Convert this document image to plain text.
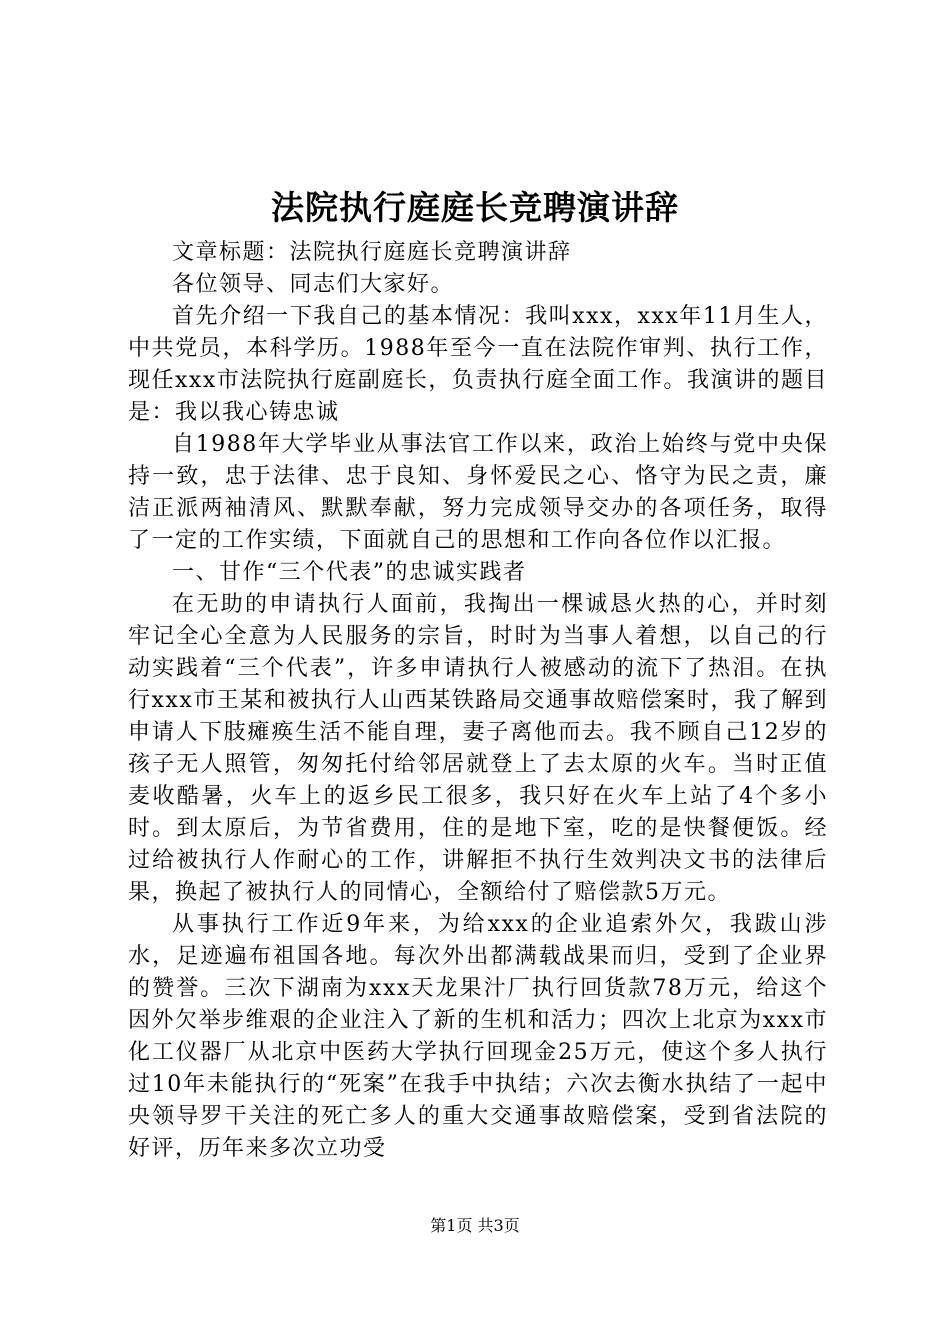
法院执行庭庭长竞聘演讲辞

文章标题：法院执行庭庭长竞聘演讲辞

各位领导、同志们大家好。

首先介绍一下我自己的基本情况：我叫xxx，xxx年11月生人，中共党员，本科学历。1988年至今一直在法院作审判、执行工作，现任xxx市法院执行庭副庭长，负责执行庭全面工作。我演讲的题目是：我以我心铸忠诚

自1988年大学毕业从事法官工作以来，政治上始终与党中央保持一致，忠于法律、忠于良知、身怀爱民之心、恪守为民之责，廉洁正派两袖清风、默默奉献，努力完成领导交办的各项任务，取得了一定的工作实绩，下面就自己的思想和工作向各位作以汇报。

一、甘作“三个代表”的忠诚实践者

在无助的申请执行人面前，我掏出一棵诚恳火热的心，并时刻牢记全心全意为人民服务的宗旨，时时为当事人着想，以自己的行动实践着“三个代表”，许多申请执行人被感动的流下了热泪。在执行xxx市王某和被执行人山西某铁路局交通事故赔偿案时，我了解到申请人下肢瘫痪生活不能自理，妻子离他而去。我不顾自己12岁的孩子无人照管，匆匆托付给邻居就登上了去太原的火车。当时正值麦收酷暑，火车上的返乡民工很多，我只好在火车上站了4个多小时。到太原后，为节省费用，住的是地下室，吃的是快餐便饭。经过给被执行人作耐心的工作，讲解拒不执行生效判决文书的法律后果，换起了被执行人的同情心，全额给付了赔偿款5万元。

从事执行工作近9年来，为给xxx的企业追索外欠，我跋山涉水，足迹遍布祖国各地。每次外出都满载战果而归，受到了企业界的赞誉。三次下湖南为xxx天龙果汁厂执行回货款78万元，给这个因外欠举步维艰的企业注入了新的生机和活力；四次上北京为xxx市化工仪器厂从北京中医药大学执行回现金25万元，使这个多人执行过10年未能执行的“死案”在我手中执结；六次去衡水执结了一起中央领导罗干关注的死亡多人的重大交通事故赔偿案，受到省法院的好评，历年来多次立功受

第1页 共3页
